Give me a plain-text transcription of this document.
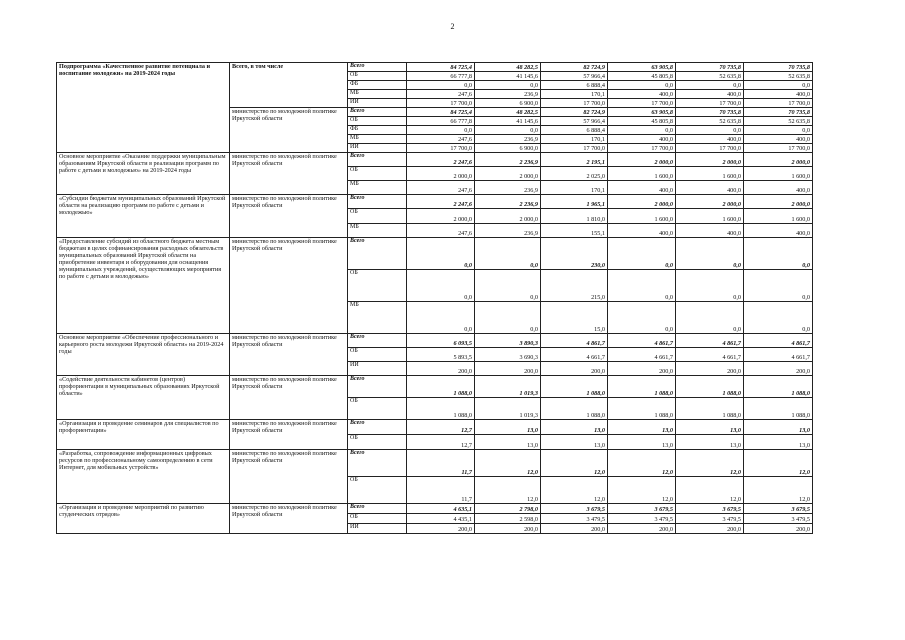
2
Подпрограмма «Качественное развитие потенциала и воспитание молодежи» на 2019-2024 годы	Всего, в том числе	Всего	84 725,4	48 282,5	82 724,9	63 905,8	70 735,8	70 735,8
		ОБ	66 777,8	41 145,6	57 966,4	45 805,8	52 635,8	52 635,8
		ФБ	0,0	0,0	6 888,4	0,0	0,0	0,0
		МБ	247,6	236,9	170,1	400,0	400,0	400,0
		ИИ	17 700,0	6 900,0	17 700,0	17 700,0	17 700,0	17 700,0
	министерство по молодежной политике Иркутской области	Всего	84 725,4	48 282,5	82 724,9	63 905,8	70 735,8	70 735,8
		ОБ	66 777,8	41 145,6	57 966,4	45 805,8	52 635,8	52 635,8
		ФБ	0,0	0,0	6 888,4	0,0	0,0	0,0
		МБ	247,6	236,9	170,1	400,0	400,0	400,0
		ИИ	17 700,0	6 900,0	17 700,0	17 700,0	17 700,0	17 700,0
Основное мероприятие «Оказание поддержки муниципальным образованиям Иркутской области в реализации программ по работе с детьми и молодежью» на 2019-2024 годы	министерство по молодежной политике Иркутской области	Всего	2 247,6	2 236,9	2 195,1	2 000,0	2 000,0	2 000,0
		ОБ	2 000,0	2 000,0	2 025,0	1 600,0	1 600,0	1 600,0
		МБ	247,6	236,9	170,1	400,0	400,0	400,0
«Субсидии бюджетам муниципальных образований Иркутской области на реализацию программ по работе с детьми и молодежью»	министерство по молодежной политике Иркутской области	Всего	2 247,6	2 236,9	1 965,1	2 000,0	2 000,0	2 000,0
		ОБ	2 000,0	2 000,0	1 810,0	1 600,0	1 600,0	1 600,0
		МБ	247,6	236,9	155,1	400,0	400,0	400,0
«Предоставление субсидий из областного бюджета местным бюджетам в целях софинансирования расходных обязательств муниципальных образований Иркутской области на приобретение инвентаря и оборудования для оснащения муниципальных учреждений, осуществляющих мероприятия по работе с детьми и молодежью»	министерство по молодежной политике Иркутской области	Всего	0,0	0,0	230,0	0,0	0,0	0,0
		ОБ	0,0	0,0	215,0	0,0	0,0	0,0
		МБ	0,0	0,0	15,0	0,0	0,0	0,0
Основное мероприятие «Обеспечение профессионального и карьерного роста молодежи Иркутской области» на 2019-2024 годы	министерство по молодежной политике Иркутской области	Всего	6 093,5	3 890,3	4 861,7	4 861,7	4 861,7	4 861,7
		ОБ	5 893,5	3 690,3	4 661,7	4 661,7	4 661,7	4 661,7
		ИИ	200,0	200,0	200,0	200,0	200,0	200,0
«Содействие деятельности кабинетов (центров) профориентации в муниципальных образованиях Иркутской области»	министерство по молодежной политике Иркутской области	Всего	1 088,0	1 019,3	1 088,0	1 088,0	1 088,0	1 088,0
		ОБ	1 088,0	1 019,3	1 088,0	1 088,0	1 088,0	1 088,0
«Организация и проведение семинаров для специалистов по профориентации»	министерство по молодежной политике Иркутской области	Всего	12,7	13,0	13,0	13,0	13,0	13,0
		ОБ	12,7	13,0	13,0	13,0	13,0	13,0
«Разработка, сопровождение информационных цифровых ресурсов по профессиональному самоопределению в сети Интернет, для мобильных устройств»	министерство по молодежной политике Иркутской области	Всего	11,7	12,0	12,0	12,0	12,0	12,0
		ОБ	11,7	12,0	12,0	12,0	12,0	12,0
«Организация и проведение мероприятий по развитию студенческих отрядов»	министерство по молодежной политике Иркутской области	Всего	4 635,1	2 798,0	3 679,5	3 679,5	3 679,5	3 679,5
		ОБ	4 435,1	2 598,0	3 479,5	3 479,5	3 479,5	3 479,5
		ИИ	200,0	200,0	200,0	200,0	200,0	200,0
